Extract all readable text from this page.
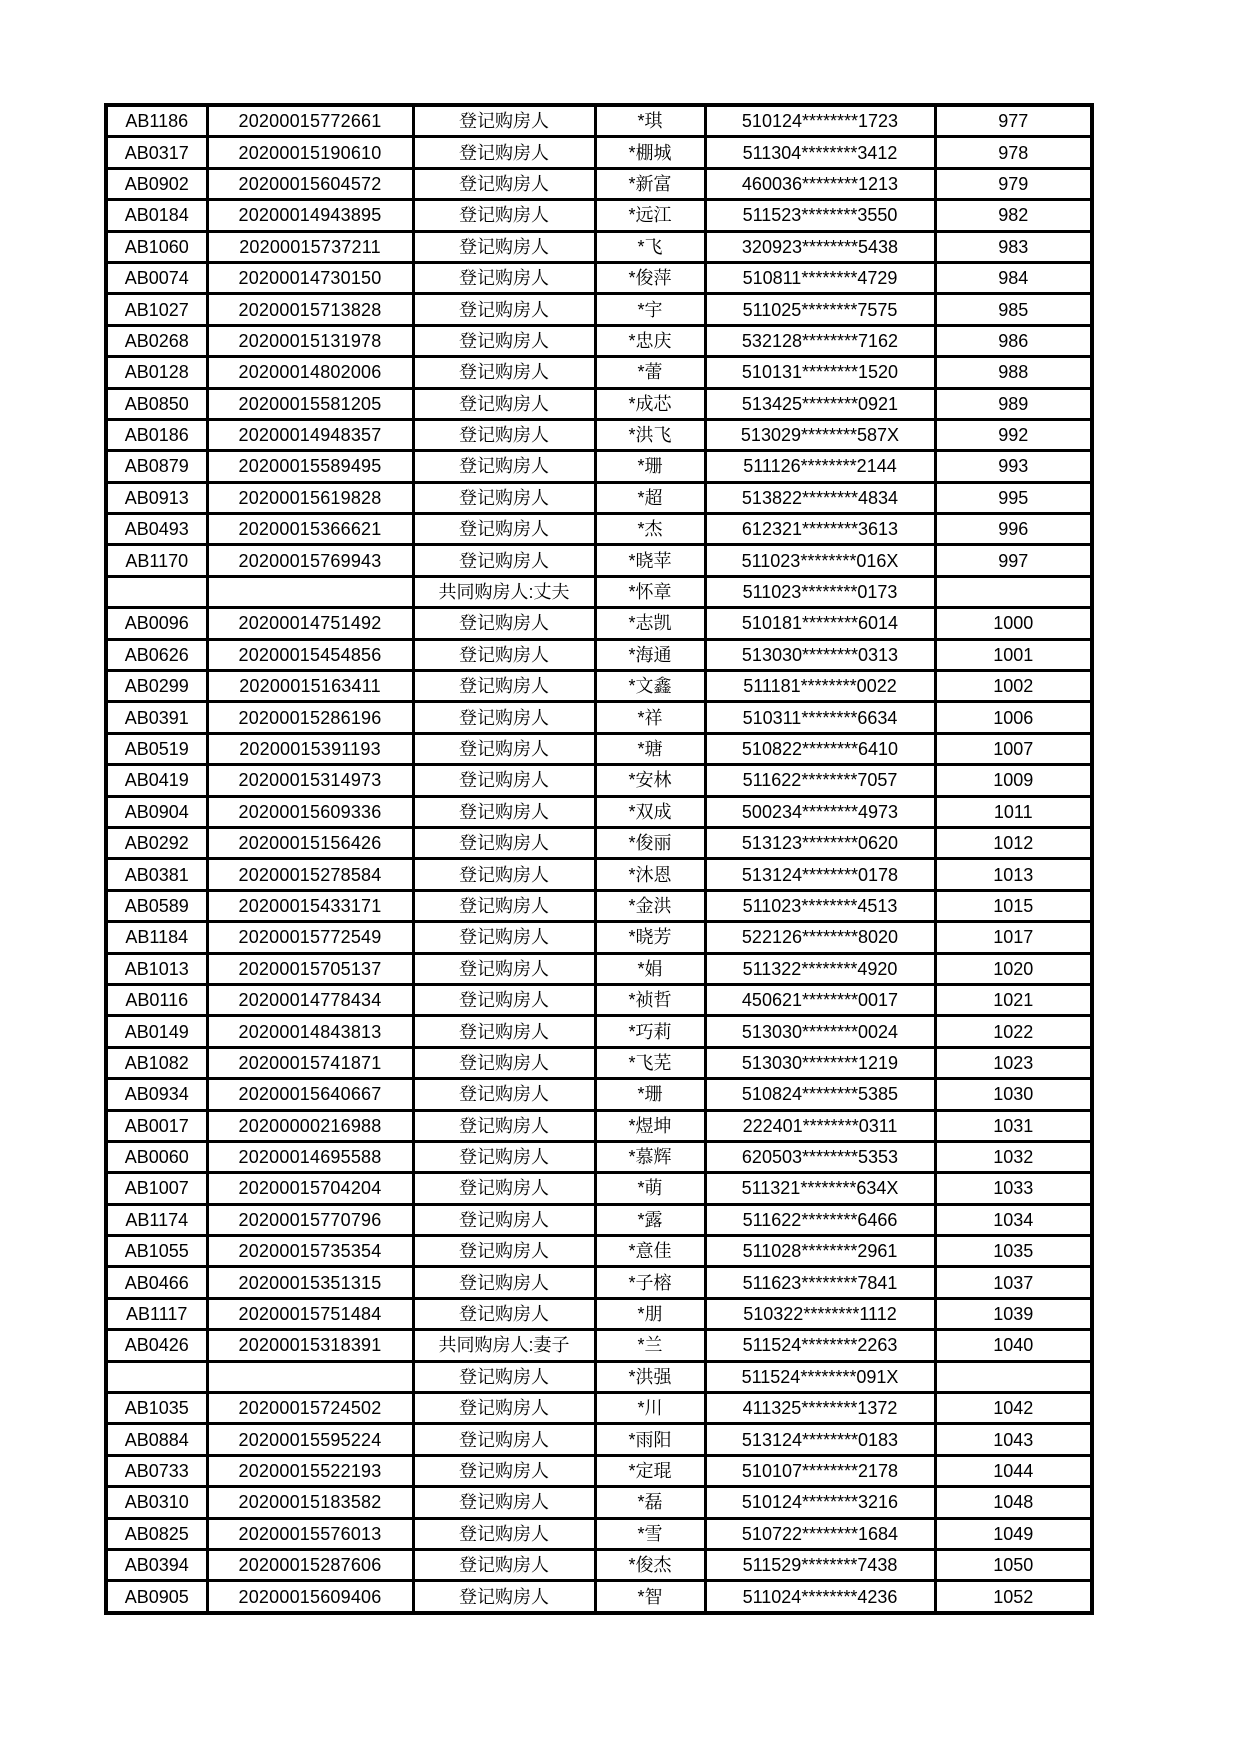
AB1186	20200015772661	登记购房人	*琪	510124********1723	977
AB0317	20200015190610	登记购房人	*棚城	511304********3412	978
AB0902	20200015604572	登记购房人	*新富	460036********1213	979
AB0184	20200014943895	登记购房人	*远江	511523********3550	982
AB1060	20200015737211	登记购房人	*飞	320923********5438	983
AB0074	20200014730150	登记购房人	*俊萍	510811********4729	984
AB1027	20200015713828	登记购房人	*宇	511025********7575	985
AB0268	20200015131978	登记购房人	*忠庆	532128********7162	986
AB0128	20200014802006	登记购房人	*蕾	510131********1520	988
AB0850	20200015581205	登记购房人	*成芯	513425********0921	989
AB0186	20200014948357	登记购房人	*洪飞	513029********587X	992
AB0879	20200015589495	登记购房人	*珊	511126********2144	993
AB0913	20200015619828	登记购房人	*超	513822********4834	995
AB0493	20200015366621	登记购房人	*杰	612321********3613	996
AB1170	20200015769943	登记购房人	*晓苹	511023********016X	997
		共同购房人:丈夫	*怀章	511023********0173	
AB0096	20200014751492	登记购房人	*志凯	510181********6014	1000
AB0626	20200015454856	登记购房人	*海通	513030********0313	1001
AB0299	20200015163411	登记购房人	*文鑫	511181********0022	1002
AB0391	20200015286196	登记购房人	*祥	510311********6634	1006
AB0519	20200015391193	登记购房人	*瑭	510822********6410	1007
AB0419	20200015314973	登记购房人	*安林	511622********7057	1009
AB0904	20200015609336	登记购房人	*双成	500234********4973	1011
AB0292	20200015156426	登记购房人	*俊丽	513123********0620	1012
AB0381	20200015278584	登记购房人	*沐恩	513124********0178	1013
AB0589	20200015433171	登记购房人	*金洪	511023********4513	1015
AB1184	20200015772549	登记购房人	*晓芳	522126********8020	1017
AB1013	20200015705137	登记购房人	*娟	511322********4920	1020
AB0116	20200014778434	登记购房人	*祯哲	450621********0017	1021
AB0149	20200014843813	登记购房人	*巧莉	513030********0024	1022
AB1082	20200015741871	登记购房人	*飞芜	513030********1219	1023
AB0934	20200015640667	登记购房人	*珊	510824********5385	1030
AB0017	20200000216988	登记购房人	*煜坤	222401********0311	1031
AB0060	20200014695588	登记购房人	*慕辉	620503********5353	1032
AB1007	20200015704204	登记购房人	*萌	511321********634X	1033
AB1174	20200015770796	登记购房人	*露	511622********6466	1034
AB1055	20200015735354	登记购房人	*意佳	511028********2961	1035
AB0466	20200015351315	登记购房人	*子榕	511623********7841	1037
AB1117	20200015751484	登记购房人	*朋	510322********1112	1039
AB0426	20200015318391	共同购房人:妻子	*兰	511524********2263	1040
		登记购房人	*洪强	511524********091X	
AB1035	20200015724502	登记购房人	*川	411325********1372	1042
AB0884	20200015595224	登记购房人	*雨阳	513124********0183	1043
AB0733	20200015522193	登记购房人	*定琨	510107********2178	1044
AB0310	20200015183582	登记购房人	*磊	510124********3216	1048
AB0825	20200015576013	登记购房人	*雪	510722********1684	1049
AB0394	20200015287606	登记购房人	*俊杰	511529********7438	1050
AB0905	20200015609406	登记购房人	*智	511024********4236	1052
